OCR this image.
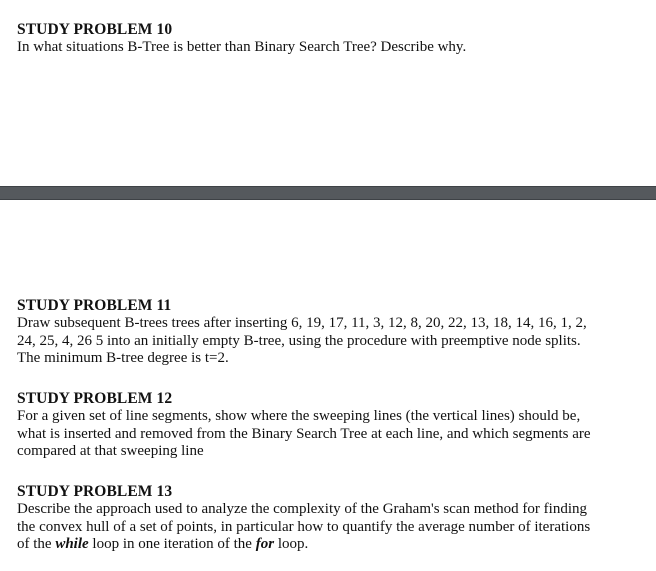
STUDY PROBLEM 10

In what situations B-Tree is better than Binary Search Tree? Describe why.

STUDY PROBLEM 11

Draw subsequent B-trees trees after inserting 6, 19, 17, 11, 3, 12, 8, 20, 22, 13, 18, 14, 16, 1, 2,

24, 25, 4, 26 5 into an initially empty B-tree, using the procedure with preemptive node splits.

The minimum B-tree degree is t=2.

STUDY PROBLEM 12

For a given set of line segments, show where the sweeping lines (the vertical lines) should be,

what is inserted and removed from the Binary Search Tree at each line, and which segments are

compared at that sweeping line

STUDY PROBLEM 13

Describe the approach used to analyze the complexity of the Graham's scan method for finding

the convex hull of a set of points, in particular how to quantify the average number of iterations

of the while loop in one iteration of the for loop.
